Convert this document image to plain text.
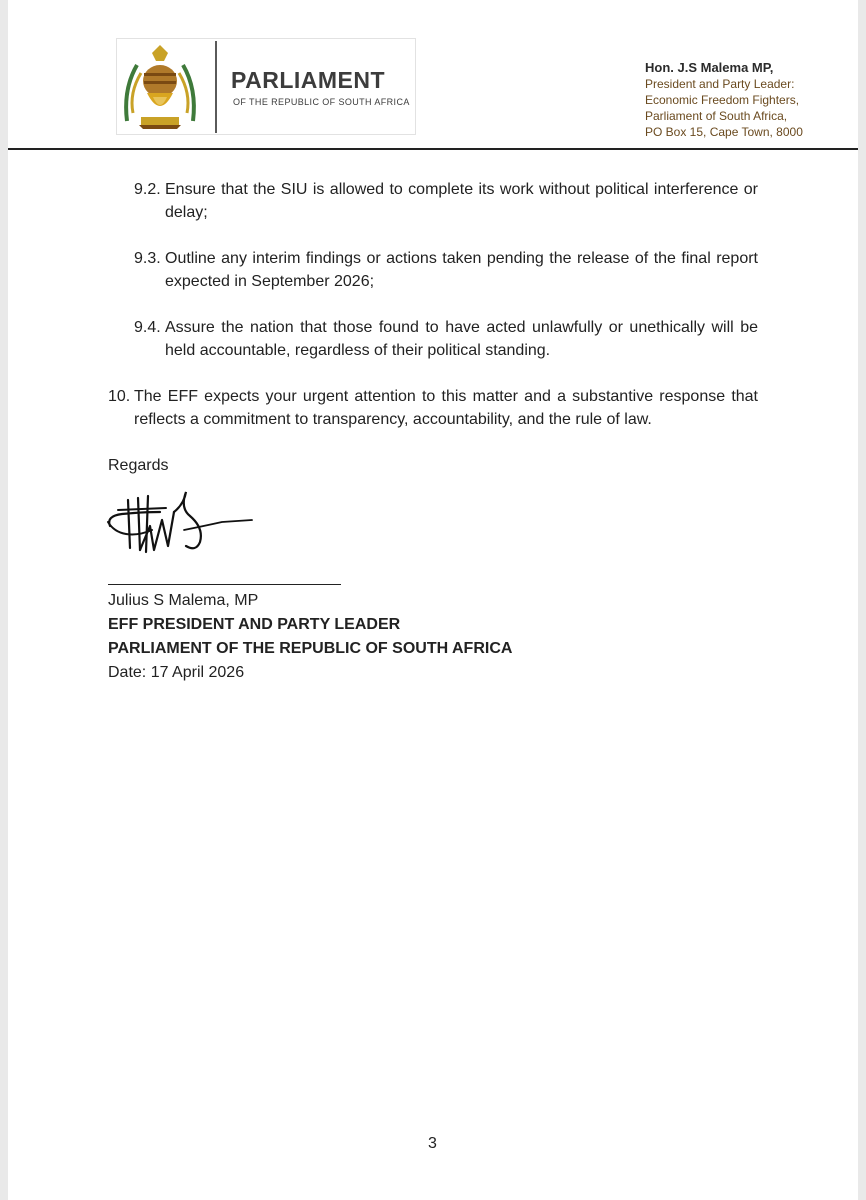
PARLIAMENT
OF THE REPUBLIC OF SOUTH AFRICA
Hon. J.S Malema MP,
President and Party Leader:
Economic Freedom Fighters,
Parliament of South Africa,
PO Box 15, Cape Town, 8000
9.2. Ensure that the SIU is allowed to complete its work without political interference or delay;
9.3. Outline any interim findings or actions taken pending the release of the final report expected in September 2026;
9.4. Assure the nation that those found to have acted unlawfully or unethically will be held accountable, regardless of their political standing.
10. The EFF expects your urgent attention to this matter and a substantive response that reflects a commitment to transparency, accountability, and the rule of law.
Regards
Julius S Malema, MP
EFF PRESIDENT AND PARTY LEADER
PARLIAMENT OF THE REPUBLIC OF SOUTH AFRICA
Date: 17 April 2026
3
